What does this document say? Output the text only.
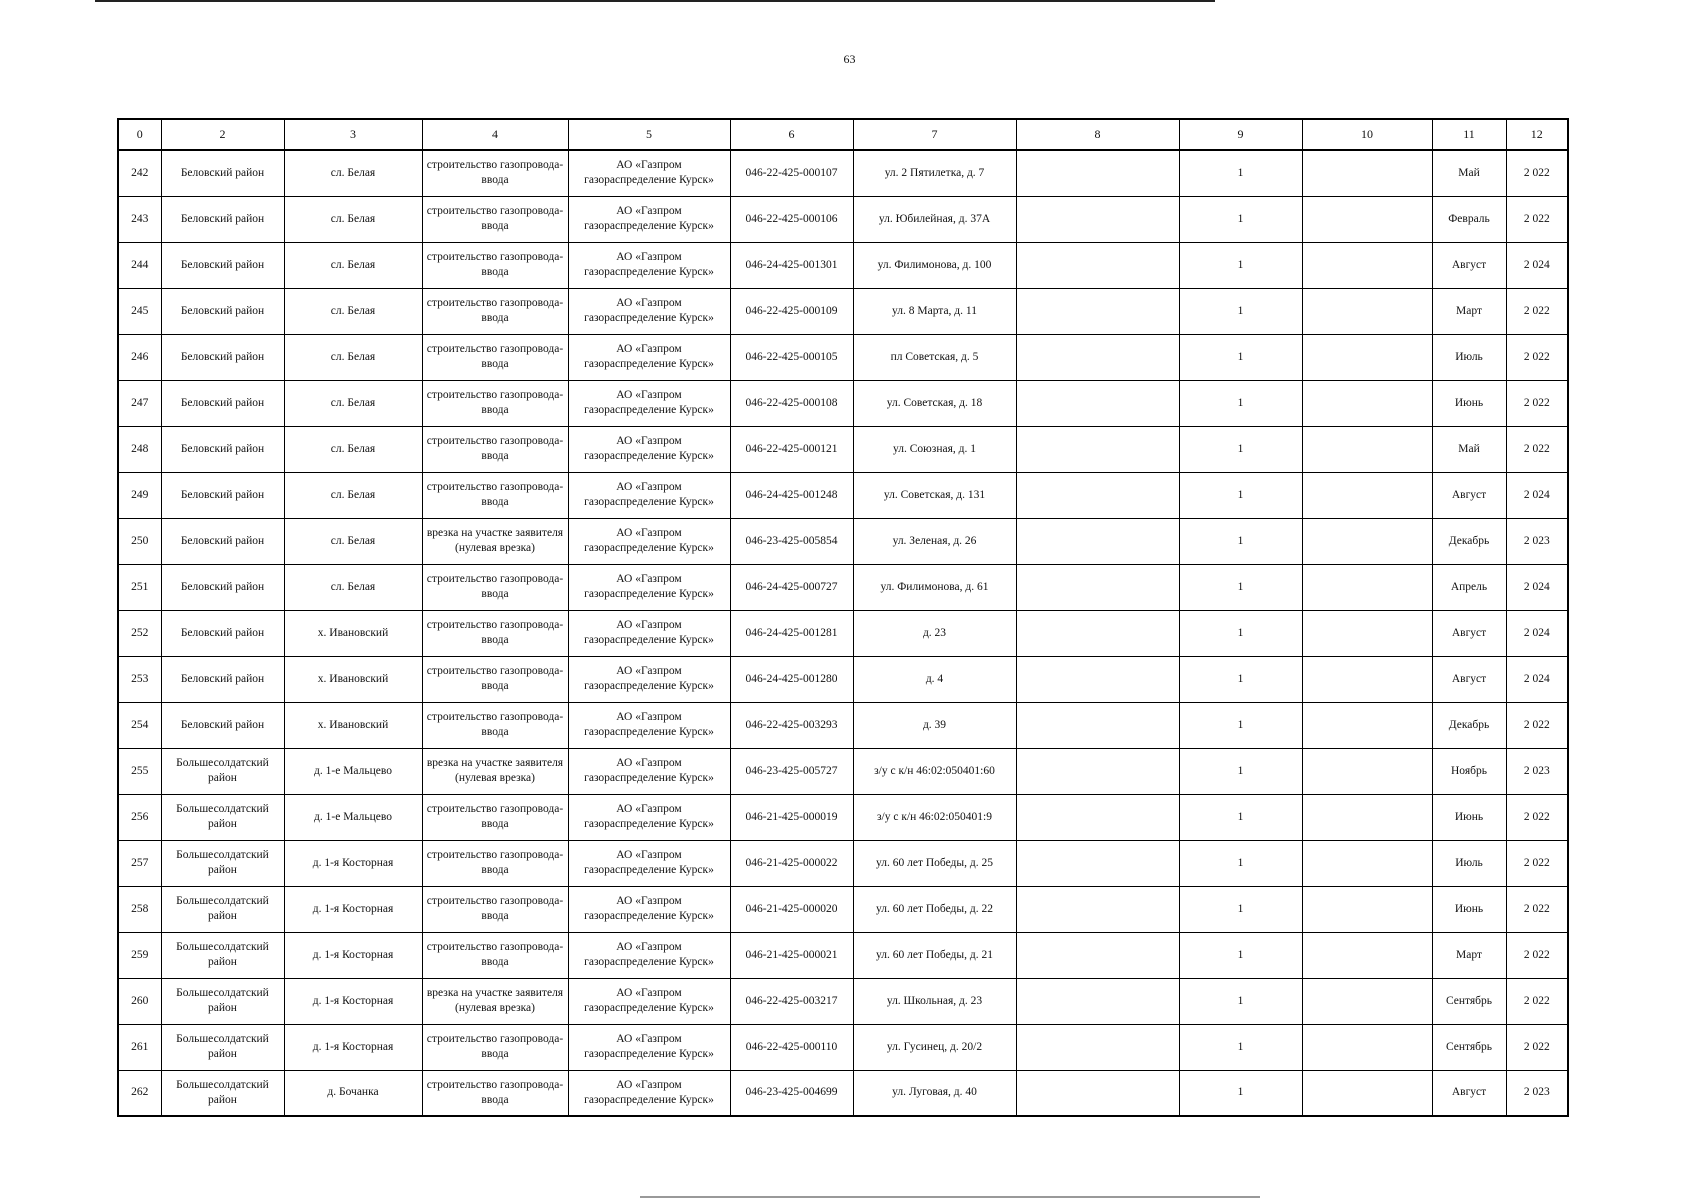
63
0	2	3	4	5	6	7	8	9	10	11	12
242	Беловский район	сл. Белая	строительство газопровода-ввода	АО «Газпром газораспределение Курск»	046-22-425-000107	ул. 2 Пятилетка, д. 7		1		Май	2 022
243	Беловский район	сл. Белая	строительство газопровода-ввода	АО «Газпром газораспределение Курск»	046-22-425-000106	ул. Юбилейная, д. 37А		1		Февраль	2 022
244	Беловский район	сл. Белая	строительство газопровода-ввода	АО «Газпром газораспределение Курск»	046-24-425-001301	ул. Филимонова, д. 100		1		Август	2 024
245	Беловский район	сл. Белая	строительство газопровода-ввода	АО «Газпром газораспределение Курск»	046-22-425-000109	ул. 8 Марта, д. 11		1		Март	2 022
246	Беловский район	сл. Белая	строительство газопровода-ввода	АО «Газпром газораспределение Курск»	046-22-425-000105	пл Советская, д. 5		1		Июль	2 022
247	Беловский район	сл. Белая	строительство газопровода-ввода	АО «Газпром газораспределение Курск»	046-22-425-000108	ул. Советская, д. 18		1		Июнь	2 022
248	Беловский район	сл. Белая	строительство газопровода-ввода	АО «Газпром газораспределение Курск»	046-22-425-000121	ул. Союзная, д. 1		1		Май	2 022
249	Беловский район	сл. Белая	строительство газопровода-ввода	АО «Газпром газораспределение Курск»	046-24-425-001248	ул. Советская, д. 131		1		Август	2 024
250	Беловский район	сл. Белая	врезка на участке заявителя (нулевая врезка)	АО «Газпром газораспределение Курск»	046-23-425-005854	ул. Зеленая, д. 26		1		Декабрь	2 023
251	Беловский район	сл. Белая	строительство газопровода-ввода	АО «Газпром газораспределение Курск»	046-24-425-000727	ул. Филимонова, д. 61		1		Апрель	2 024
252	Беловский район	х. Ивановский	строительство газопровода-ввода	АО «Газпром газораспределение Курск»	046-24-425-001281	д. 23		1		Август	2 024
253	Беловский район	х. Ивановский	строительство газопровода-ввода	АО «Газпром газораспределение Курск»	046-24-425-001280	д. 4		1		Август	2 024
254	Беловский район	х. Ивановский	строительство газопровода-ввода	АО «Газпром газораспределение Курск»	046-22-425-003293	д. 39		1		Декабрь	2 022
255	Большесолдатский район	д. 1-е Мальцево	врезка на участке заявителя (нулевая врезка)	АО «Газпром газораспределение Курск»	046-23-425-005727	з/у с к/н 46:02:050401:60		1		Ноябрь	2 023
256	Большесолдатский район	д. 1-е Мальцево	строительство газопровода-ввода	АО «Газпром газораспределение Курск»	046-21-425-000019	з/у с к/н 46:02:050401:9		1		Июнь	2 022
257	Большесолдатский район	д. 1-я Косторная	строительство газопровода-ввода	АО «Газпром газораспределение Курск»	046-21-425-000022	ул. 60 лет Победы, д. 25		1		Июль	2 022
258	Большесолдатский район	д. 1-я Косторная	строительство газопровода-ввода	АО «Газпром газораспределение Курск»	046-21-425-000020	ул. 60 лет Победы, д. 22		1		Июнь	2 022
259	Большесолдатский район	д. 1-я Косторная	строительство газопровода-ввода	АО «Газпром газораспределение Курск»	046-21-425-000021	ул. 60 лет Победы, д. 21		1		Март	2 022
260	Большесолдатский район	д. 1-я Косторная	врезка на участке заявителя (нулевая врезка)	АО «Газпром газораспределение Курск»	046-22-425-003217	ул. Школьная, д. 23		1		Сентябрь	2 022
261	Большесолдатский район	д. 1-я Косторная	строительство газопровода-ввода	АО «Газпром газораспределение Курск»	046-22-425-000110	ул. Гусинец, д. 20/2		1		Сентябрь	2 022
262	Большесолдатский район	д. Бочанка	строительство газопровода-ввода	АО «Газпром газораспределение Курск»	046-23-425-004699	ул. Луговая, д. 40		1		Август	2 023
